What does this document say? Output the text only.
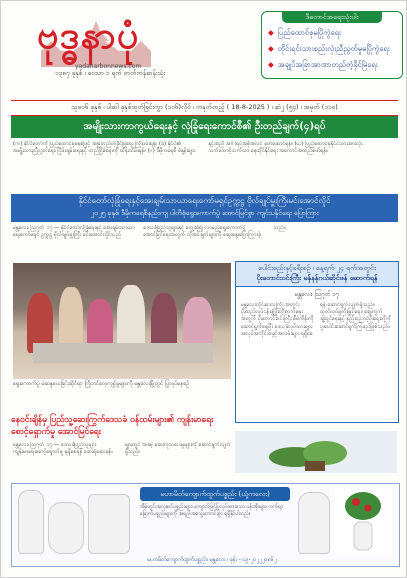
ဗုဒ္ဓနာပုံ
yadanarbonnews.com
၁၃၈၇ ခုနှစ် ၊ ဝေသာ ၁ ရက် တတ်ကန်ဆန်းသုံး
ဒီတောင်အရေးသုံးပါး
◆ ပြည်ထောင်စုမပြိုကွဲရေး
◆ တိုင်းရင်းသားစည်းလုံးညီညွတ်မှုမပြိုကွဲရေး
◆ အချုပ်အခြာအာဏာတည်တံ့ခိုင်မြဲရေး
သုဓ၀၆ ခုနှစ် ၊ ပါဆါ ခုနှစ်ထုတ်ခြင်းကွာ (၁၀၆)လိုင် ၊ ကနုတ်တည့် ( 18-8-2025 ) ၊ ဆဲ၂ (၅၄) ၊ အမှတ် (၁၁၀)
အမျိုးသားကာကွယ်ရေးနှင့် လုံခြုံရေးကောင်စီ၏ ဦးတည်ချက်(၄)ရပ်
(က) နိုင်ငံတော်ကို ပြည်ထောင်စုစနစ်ဖြင့် အမြဲတည်တံ့ခိုင်မြဲရေး ကြိုးပမ်းရန်။ (ခ) နိုင်ငံ၏ အမျိုးသားညီညွတ်ရေး၊ ငြိမ်းချမ်းရေးနှင့် တည်ငြိမ်ရေးကို ထိန်းသိမ်းရန်။ (ဂ) ဒီမိုကရေစီ စံနှုန်းများနှင့်အညီ အင်္ဂါရပ်အစုံအလင် ဖော်ဆောင်ရန်။ (ဃ) ပြည်ထောင်စုနိုင်ငံသားအားလုံး သက်သောင့်သက်သာ နေထိုင်နိုင်ရေး အကောင်အထည်ဖော်ရန်။
နိုင်ငံတော်လုံခြုံရေးနှင့်အေးချမ်းသာယာရေးကော်မရှင်ဥက္ကဋ္ဌ ဗိုလ်ချုပ်မှူးကြီးမင်းအောင်လှိုင်
၂၀၂၅ ခုနှစ် ဒီမိုကရေစီနည်းကျ ပါတီစုံရွေးကောက်ပွဲ အောင်မြင်စွာ ကျင်းပနိုင်ရေး ပြောကြား
မန္တလေး၊ ဩဂုတ် ၁၇ — နိုင်ငံတော်လုံခြုံရေးနှင့် အေးချမ်းသာယာရေးကော်မရှင် ဥက္ကဋ္ဌ ဗိုလ်ချုပ်မှူးကြီး မင်းအောင်လှိုင်သည် ဒေသခံပြည်သူများနှင့် တွေ့ဆုံ၍ လာမည့်ရွေးကောက်ပွဲ အောင်မြင်ရေးအတွက် လိုအပ်ချက်များကို ဆွေးနွေးပြောကြားခဲ့သည်။
ရွေးကောက်ပွဲ မဲဆန္ဒပေးခြင်းဆိုင်ရာ ကြိုတင်လေ့ကျင့်မှုများကို မန္တလေးမြို့တွင် ပြုလုပ်နေစဉ်
ပေါင်းစည်းနှင့်ခရီးစဉ် ၊ နေ့ရက် ၂၄ ရက်အတွင်း
ပိုးတောင်းဝင်းကြီး မန်နန်ဂယ်ဆိုင်ဖန် ဆောက်ရန်
မန္တလေး၊ ဩဂုတ် ၁၇
မန္တလေးတိုင်းဒေသကြီး အတွင်း ပိုးထည်လုပ်ငန်းဖွံ့ဖြိုးတိုးတက်ရေးအတွက် ပိုးတောင်းဝင်းကြီး စီမံကိန်းကို ဆောင်ရွက်နေပြီး ဒေသခံလုပ်သားများ အလုပ်အကိုင်အခွင့်အလမ်းများ ရရှိစေရန် ဆောင်ရွက်လျက်ရှိသည်။ ထုတ်လုပ်မှုတိုးမြှင့်ရေး၊ ဈေးကွက်ချဲ့ထွင်ရေးနှင့် နည်းပညာပံ့ပိုးရေးတို့ကို ပူးပေါင်းဆောင်ရွက်ကြမည်ဖြစ်သည်။
နေဝင်းချိန်မှ ပြည်သူ့ဆေးကြွက်ဒေသခံ ဝန်ထမ်းများ၏ ကျန်းမာရေးစောင့်ရှောက်မှု အောင်မြင်ရေး
မန္တလေး၊ ဩဂုတ် ၁၇ — ဒေသခံပြည်သူများ ကျန်းမာရေးစောင့်ရှောက်မှု ရရှိစေရန် ဆေးရုံဆေးခန်းများတွင် အခမဲ့ ဆေးကုသပေးမှုများကို ဆောင်ရွက်လျက်ရှိသည်။
မဟာမိတ်ကျောက်ထွက်ပစ္စည်း (ယုံ့ကလေး)
အိမ်တွင်းအလှဆင်ပစ္စည်းများ၊ ကျောက်ဖြင့်ပြုလုပ်ထားသော ပန်းအိုးများ၊ လက်ရာမြောက်ပစ္စည်းများကို အရည်အသွေးကောင်းစွာ ရရှိနိုင်ပါသည်။
မဟာမိတ်ကျောက်ထွက်ပစ္စည်း၊ မန္တလေး ၊ ဖုန်း - ၀၉-၂၀၂၂၂၀၈၆၂
